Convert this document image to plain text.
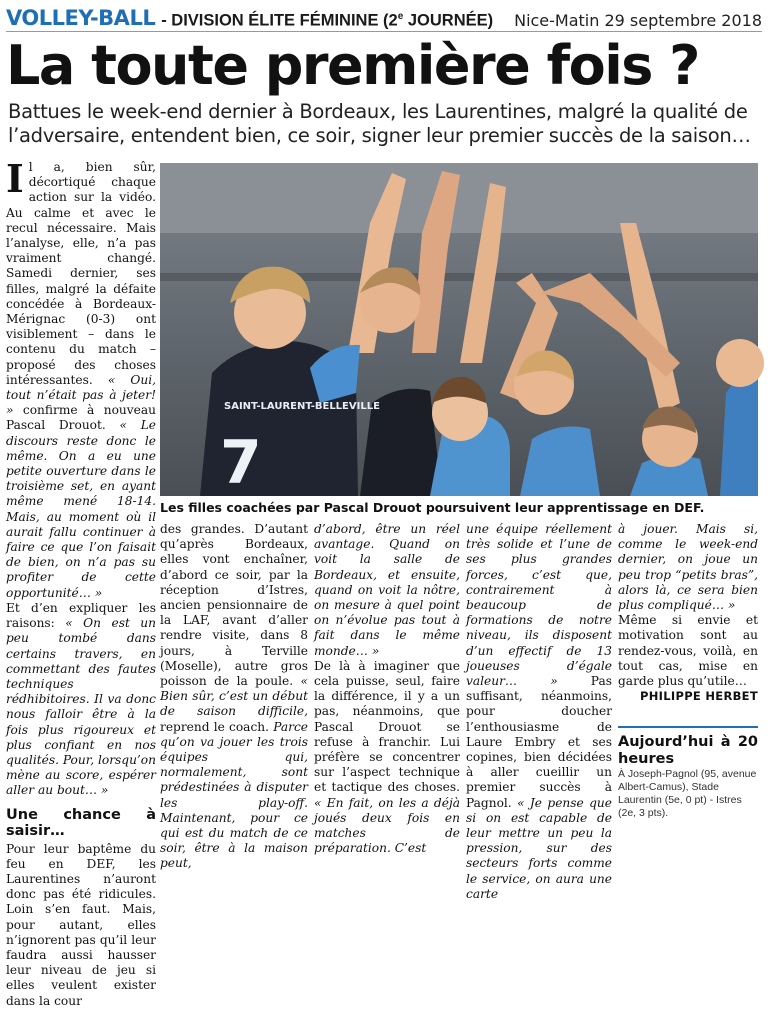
VOLLEY-BALL - DIVISION ÉLITE FÉMININE (2e JOURNÉE) Nice-Matin 29 septembre 2018
La toute première fois ?

Battues le week-end dernier à Bordeaux, les Laurentines, malgré la qualité de l’adversaire, entendent bien, ce soir, signer leur premier succès de la saison…

I l a, bien sûr, décortiqué chaque action sur la vidéo. Au calme et avec le recul nécessaire. Mais l’analyse, elle, n’a pas vraiment changé. Samedi dernier, ses filles, malgré la défaite concédée à Bordeaux-Mérignac (0-3) ont visiblement – dans le contenu du match – proposé des choses intéressantes. « Oui, tout n’était pas à jeter! » confirme à nouveau Pascal Drouot. « Le discours reste donc le même. On a eu une petite ouverture dans le troisième set, en ayant même mené 18-14. Mais, au moment où il aurait fallu continuer à faire ce que l’on faisait de bien, on n’a pas su profiter de cette opportunité… »

Et d’en expliquer les raisons: « On est un peu tombé dans certains travers, en commettant des fautes techniques rédhibitoires. Il va donc nous falloir être à la fois plus rigoureux et plus confiant en nos qualités. Pour, lorsqu’on mène au score, espérer aller au bout… »

Une chance à saisir…

Pour leur baptême du feu en DEF, les Laurentines n’auront donc pas été ridicules. Loin s’en faut. Mais, pour autant, elles n’ignorent pas qu’il leur faudra aussi hausser leur niveau de jeu si elles veulent exister dans la cour

SAINT-LAURENT-BELLEVILLE
7

Les filles coachées par Pascal Drouot poursuivent leur apprentissage en DEF.

des grandes. D’autant qu’après Bordeaux, elles vont enchaîner, d’abord ce soir, par la réception d’Istres, ancien pensionnaire de la LAF, avant d’aller rendre visite, dans 8 jours, à Terville (Moselle), autre gros poisson de la poule. « Bien sûr, c’est un début de saison difficile, reprend le coach. Parce qu’on va jouer les trois équipes qui, normalement, sont prédestinées à disputer les play-off. Maintenant, pour ce qui est du match de ce soir, être à la maison peut,

d’abord, être un réel avantage. Quand on voit la salle de Bordeaux, et ensuite, quand on voit la nôtre, on mesure à quel point on n’évolue pas tout à fait dans le même monde… »

De là à imaginer que cela puisse, seul, faire la différence, il y a un pas, néanmoins, que Pascal Drouot se refuse à franchir. Lui préfère se concentrer sur l’aspect technique et tactique des choses. « En fait, on les a déjà joués deux fois en matches de préparation. C’est

une équipe réellement très solide et l’une de ses plus grandes forces, c’est que, contrairement à beaucoup de formations de notre niveau, ils disposent d’un effectif de 13 joueuses d’égale valeur… » Pas suffisant, néanmoins, pour doucher l’enthousiasme de Laure Embry et ses copines, bien décidées à aller cueillir un premier succès à Pagnol. « Je pense que si on est capable de leur mettre un peu la pression, sur des secteurs forts comme le service, on aura une carte

à jouer. Mais si, comme le week-end dernier, on joue un peu trop “petits bras”, alors là, ce sera bien plus compliqué… »

Même si envie et motivation sont au rendez-vous, voilà, en tout cas, mise en garde plus qu’utile…

PHILIPPE HERBET

Aujourd’hui à 20 heures

À Joseph-Pagnol (95, avenue Albert-Camus), Stade Laurentin (5e, 0 pt) - Istres (2e, 3 pts).
